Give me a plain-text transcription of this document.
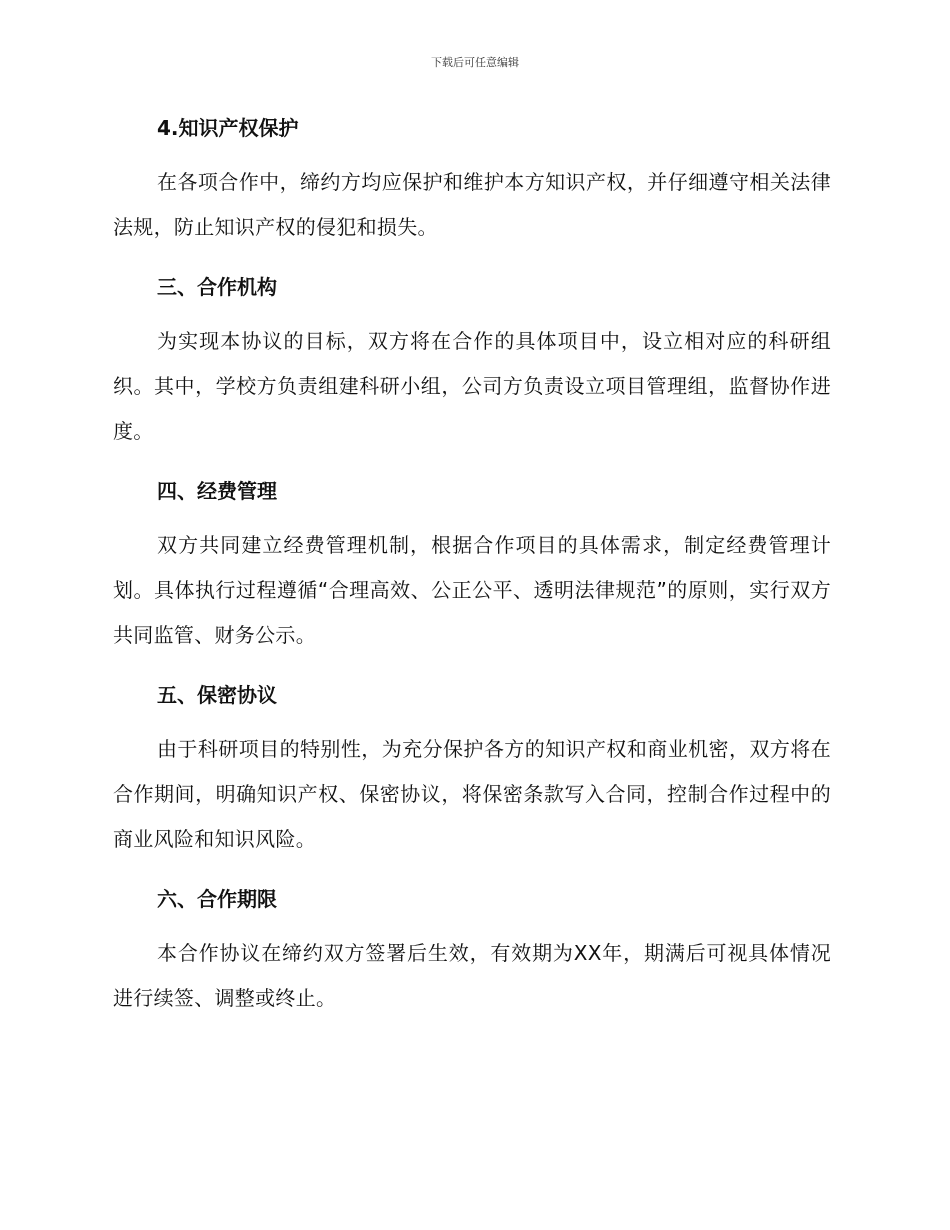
下载后可任意编辑
4.知识产权保护

在各项合作中，缔约方均应保护和维护本方知识产权，并仔细遵守相关法律法规，防止知识产权的侵犯和损失。

三、合作机构

为实现本协议的目标，双方将在合作的具体项目中，设立相对应的科研组织。其中，学校方负责组建科研小组，公司方负责设立项目管理组，监督协作进度。

四、经费管理

双方共同建立经费管理机制，根据合作项目的具体需求，制定经费管理计划。具体执行过程遵循“合理高效、公正公平、透明法律规范”的原则，实行双方共同监管、财务公示。

五、保密协议

由于科研项目的特别性，为充分保护各方的知识产权和商业机密，双方将在合作期间，明确知识产权、保密协议，将保密条款写入合同，控制合作过程中的商业风险和知识风险。

六、合作期限

本合作协议在缔约双方签署后生效，有效期为XX年，期满后可视具体情况进行续签、调整或终止。
